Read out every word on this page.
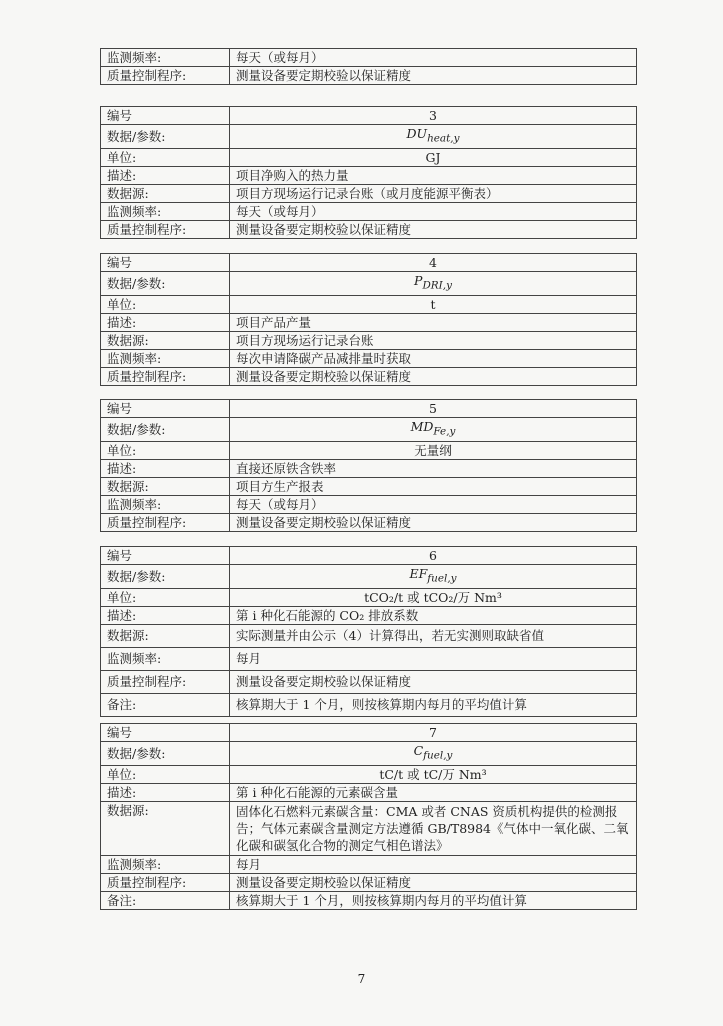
监测频率:	每天（或每月）
质量控制程序:	测量设备要定期校验以保证精度
编号	3
数据/参数:	$DU_{heat,y}$
单位:	GJ
描述:	项目净购入的热力量
数据源:	项目方现场运行记录台账（或月度能源平衡表）
监测频率:	每天（或每月）
质量控制程序:	测量设备要定期校验以保证精度
编号	4
数据/参数:	$P_{DRI,y}$
单位:	t
描述:	项目产品产量
数据源:	项目方现场运行记录台账
监测频率:	每次申请降碳产品减排量时获取
质量控制程序:	测量设备要定期校验以保证精度
编号	5
数据/参数:	$MD_{Fe,y}$
单位:	无量纲
描述:	直接还原铁含铁率
数据源:	项目方生产报表
监测频率:	每天（或每月）
质量控制程序:	测量设备要定期校验以保证精度
编号	6
数据/参数:	$EF_{fuel,y}$
单位:	tCO₂/t 或 tCO₂/万 Nm³
描述:	第 i 种化石能源的 CO₂ 排放系数
数据源:	实际测量并由公示（4）计算得出，若无实测则取缺省值
监测频率:	每月
质量控制程序:	测量设备要定期校验以保证精度
备注:	核算期大于 1 个月，则按核算期内每月的平均值计算
编号	7
数据/参数:	$C_{fuel,y}$
单位:	tC/t 或 tC/万 Nm³
描述:	第 i 种化石能源的元素碳含量
数据源:	固体化石燃料元素碳含量：CMA 或者 CNAS 资质机构提供的检测报告；气体元素碳含量测定方法遵循 GB/T8984《气体中一氧化碳、二氧化碳和碳氢化合物的测定气相色谱法》
监测频率:	每月
质量控制程序:	测量设备要定期校验以保证精度
备注:	核算期大于 1 个月，则按核算期内每月的平均值计算
7
